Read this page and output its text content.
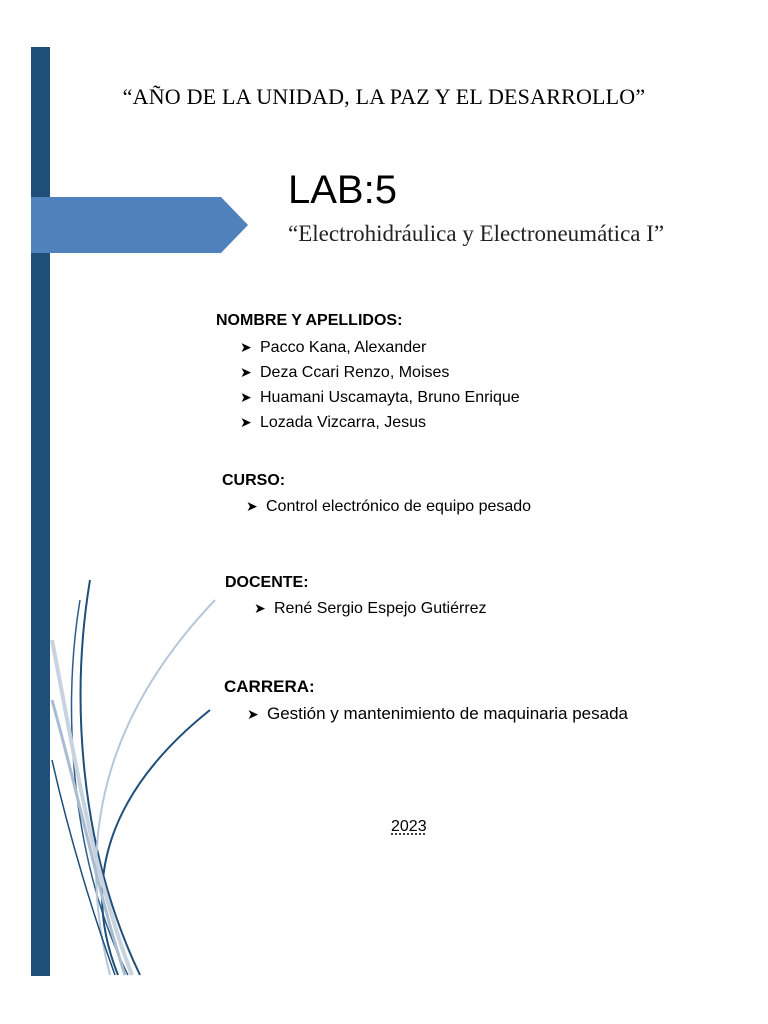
“AÑO DE LA UNIDAD, LA PAZ Y EL DESARROLLO”
LAB:5
“Electrohidráulica y Electroneumática I”
NOMBRE Y APELLIDOS:
➤ Pacco Kana, Alexander
➤ Deza Ccari Renzo, Moises
➤ Huamani Uscamayta, Bruno Enrique
➤ Lozada Vizcarra, Jesus
CURSO:
➤ Control electrónico de equipo pesado
DOCENTE:
➤ René Sergio Espejo Gutiérrez
CARRERA:
➤ Gestión y mantenimiento de maquinaria pesada
2023
